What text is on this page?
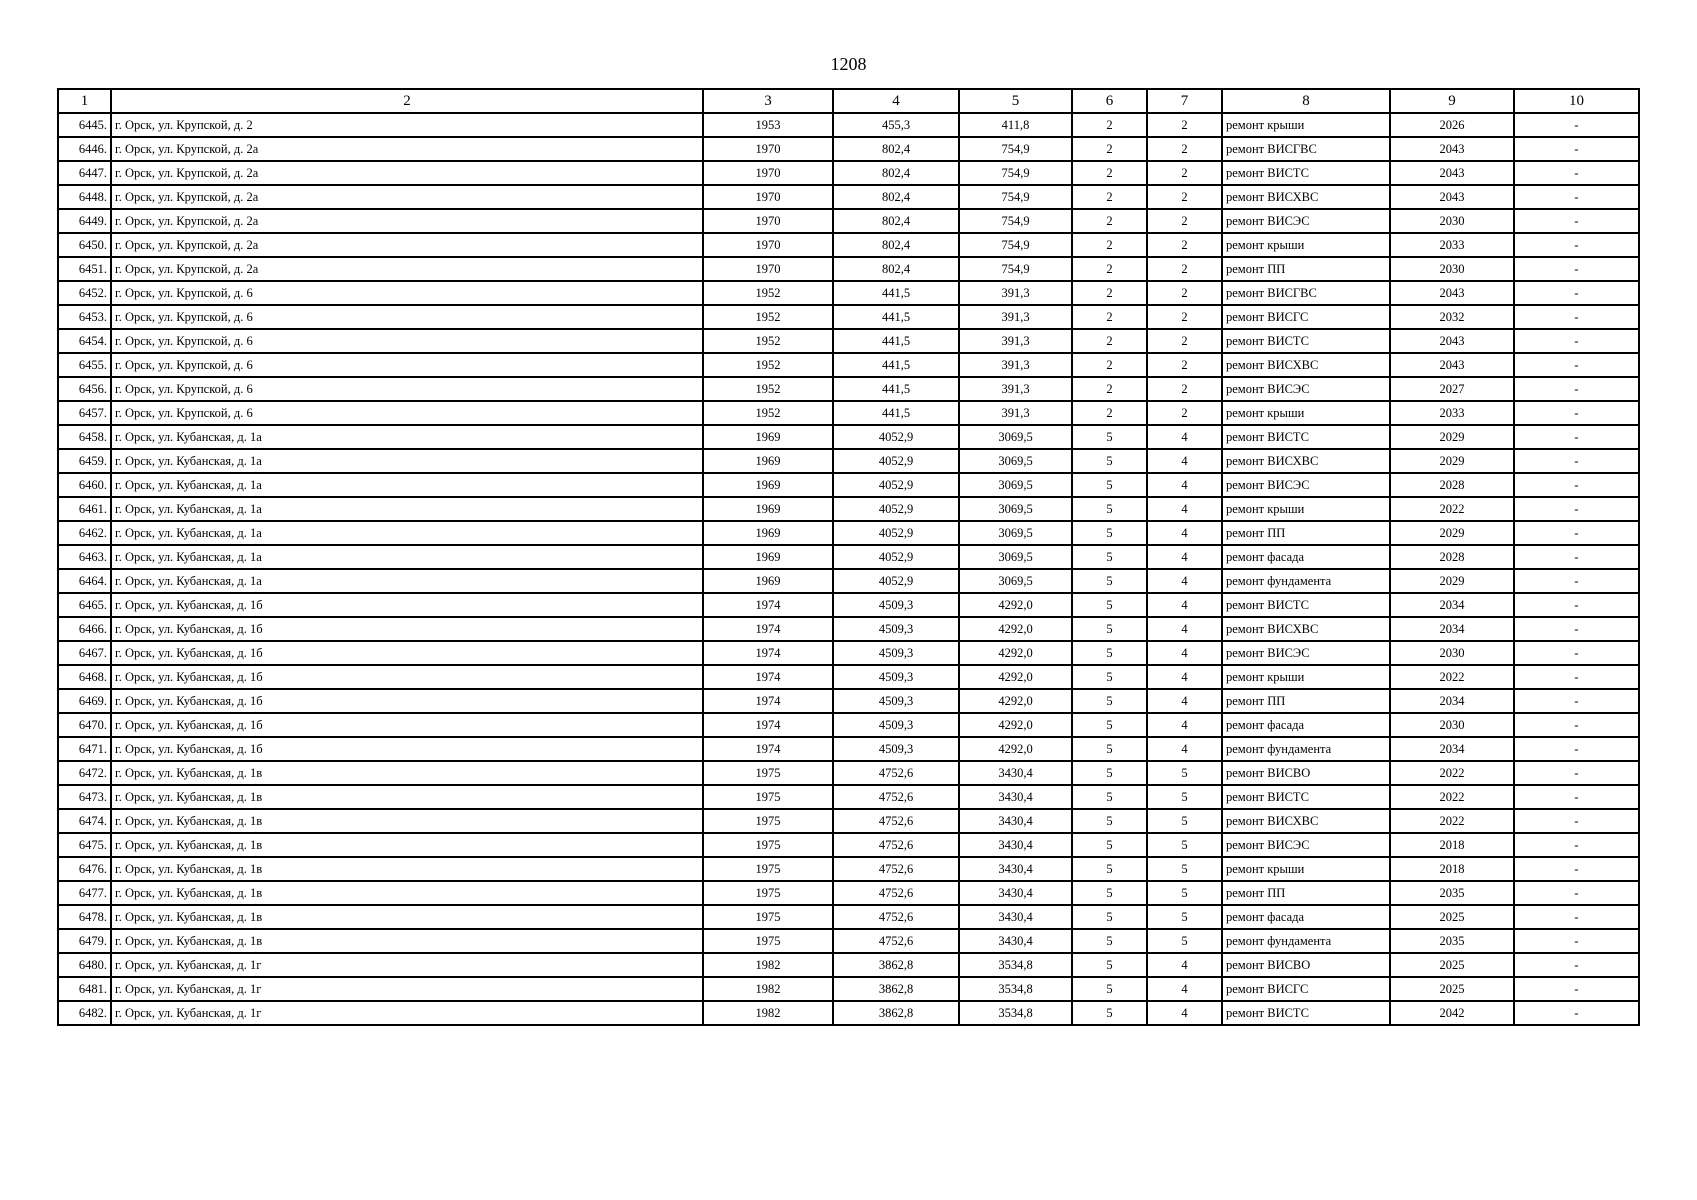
1208
1	2	3	4	5	6	7	8	9	10
6445.	г. Орск, ул. Крупской, д. 2	1953	455,3	411,8	2	2	ремонт крыши	2026	-
6446.	г. Орск, ул. Крупской, д. 2а	1970	802,4	754,9	2	2	ремонт ВИСГВС	2043	-
6447.	г. Орск, ул. Крупской, д. 2а	1970	802,4	754,9	2	2	ремонт ВИСТС	2043	-
6448.	г. Орск, ул. Крупской, д. 2а	1970	802,4	754,9	2	2	ремонт ВИСХВС	2043	-
6449.	г. Орск, ул. Крупской, д. 2а	1970	802,4	754,9	2	2	ремонт ВИСЭС	2030	-
6450.	г. Орск, ул. Крупской, д. 2а	1970	802,4	754,9	2	2	ремонт крыши	2033	-
6451.	г. Орск, ул. Крупской, д. 2а	1970	802,4	754,9	2	2	ремонт ПП	2030	-
6452.	г. Орск, ул. Крупской, д. 6	1952	441,5	391,3	2	2	ремонт ВИСГВС	2043	-
6453.	г. Орск, ул. Крупской, д. 6	1952	441,5	391,3	2	2	ремонт ВИСГС	2032	-
6454.	г. Орск, ул. Крупской, д. 6	1952	441,5	391,3	2	2	ремонт ВИСТС	2043	-
6455.	г. Орск, ул. Крупской, д. 6	1952	441,5	391,3	2	2	ремонт ВИСХВС	2043	-
6456.	г. Орск, ул. Крупской, д. 6	1952	441,5	391,3	2	2	ремонт ВИСЭС	2027	-
6457.	г. Орск, ул. Крупской, д. 6	1952	441,5	391,3	2	2	ремонт крыши	2033	-
6458.	г. Орск, ул. Кубанская, д. 1а	1969	4052,9	3069,5	5	4	ремонт ВИСТС	2029	-
6459.	г. Орск, ул. Кубанская, д. 1а	1969	4052,9	3069,5	5	4	ремонт ВИСХВС	2029	-
6460.	г. Орск, ул. Кубанская, д. 1а	1969	4052,9	3069,5	5	4	ремонт ВИСЭС	2028	-
6461.	г. Орск, ул. Кубанская, д. 1а	1969	4052,9	3069,5	5	4	ремонт крыши	2022	-
6462.	г. Орск, ул. Кубанская, д. 1а	1969	4052,9	3069,5	5	4	ремонт ПП	2029	-
6463.	г. Орск, ул. Кубанская, д. 1а	1969	4052,9	3069,5	5	4	ремонт фасада	2028	-
6464.	г. Орск, ул. Кубанская, д. 1а	1969	4052,9	3069,5	5	4	ремонт фундамента	2029	-
6465.	г. Орск, ул. Кубанская, д. 1б	1974	4509,3	4292,0	5	4	ремонт ВИСТС	2034	-
6466.	г. Орск, ул. Кубанская, д. 1б	1974	4509,3	4292,0	5	4	ремонт ВИСХВС	2034	-
6467.	г. Орск, ул. Кубанская, д. 1б	1974	4509,3	4292,0	5	4	ремонт ВИСЭС	2030	-
6468.	г. Орск, ул. Кубанская, д. 1б	1974	4509,3	4292,0	5	4	ремонт крыши	2022	-
6469.	г. Орск, ул. Кубанская, д. 1б	1974	4509,3	4292,0	5	4	ремонт ПП	2034	-
6470.	г. Орск, ул. Кубанская, д. 1б	1974	4509,3	4292,0	5	4	ремонт фасада	2030	-
6471.	г. Орск, ул. Кубанская, д. 1б	1974	4509,3	4292,0	5	4	ремонт фундамента	2034	-
6472.	г. Орск, ул. Кубанская, д. 1в	1975	4752,6	3430,4	5	5	ремонт ВИСВО	2022	-
6473.	г. Орск, ул. Кубанская, д. 1в	1975	4752,6	3430,4	5	5	ремонт ВИСТС	2022	-
6474.	г. Орск, ул. Кубанская, д. 1в	1975	4752,6	3430,4	5	5	ремонт ВИСХВС	2022	-
6475.	г. Орск, ул. Кубанская, д. 1в	1975	4752,6	3430,4	5	5	ремонт ВИСЭС	2018	-
6476.	г. Орск, ул. Кубанская, д. 1в	1975	4752,6	3430,4	5	5	ремонт крыши	2018	-
6477.	г. Орск, ул. Кубанская, д. 1в	1975	4752,6	3430,4	5	5	ремонт ПП	2035	-
6478.	г. Орск, ул. Кубанская, д. 1в	1975	4752,6	3430,4	5	5	ремонт фасада	2025	-
6479.	г. Орск, ул. Кубанская, д. 1в	1975	4752,6	3430,4	5	5	ремонт фундамента	2035	-
6480.	г. Орск, ул. Кубанская, д. 1г	1982	3862,8	3534,8	5	4	ремонт ВИСВО	2025	-
6481.	г. Орск, ул. Кубанская, д. 1г	1982	3862,8	3534,8	5	4	ремонт ВИСГС	2025	-
6482.	г. Орск, ул. Кубанская, д. 1г	1982	3862,8	3534,8	5	4	ремонт ВИСТС	2042	-
